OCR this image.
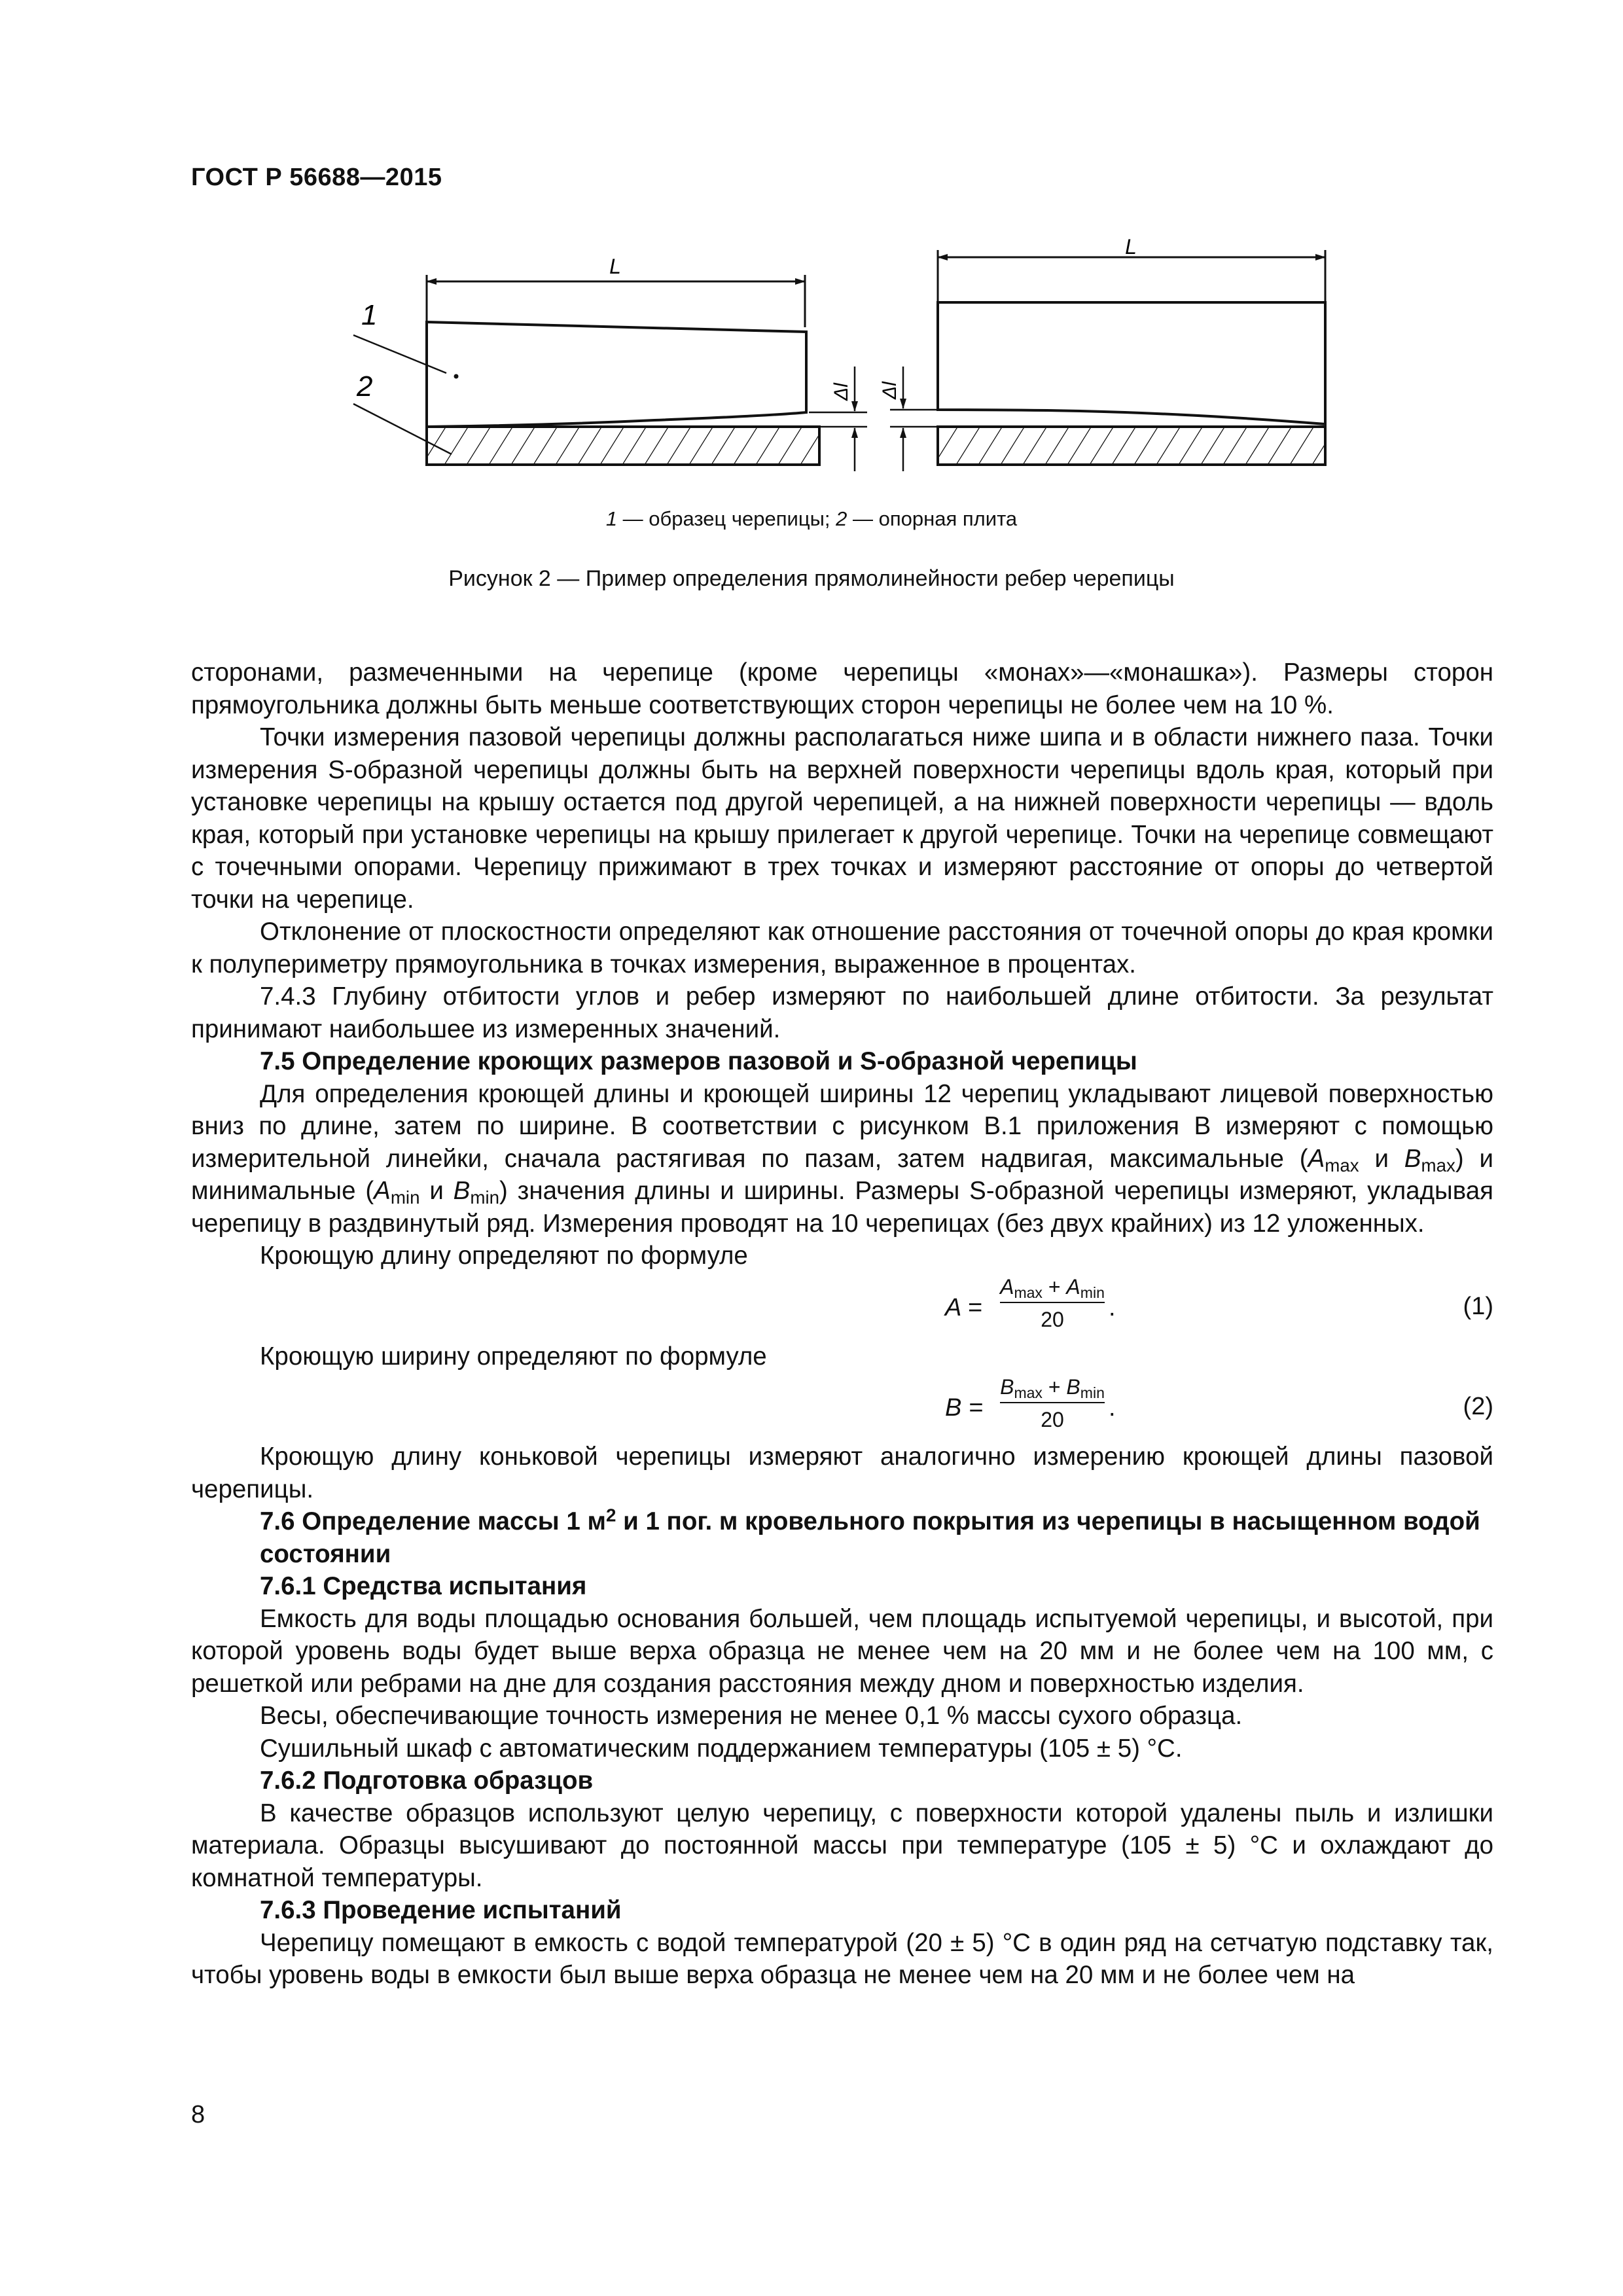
ГОСТ Р 56688—2015
L
1
2	Δl
L
Δl
1 — образец черепицы; 2 — опорная плита
Рисунок 2 — Пример определения прямолинейности ребер черепицы

сторонами, размеченными на черепице (кроме черепицы «монах»—«монашка»). Размеры сторон прямоугольника должны быть меньше соответствующих сторон черепицы не более чем на 10 %.

Точки измерения пазовой черепицы должны располагаться ниже шипа и в области нижнего паза. Точки измерения S-образной черепицы должны быть на верхней поверхности черепицы вдоль края, который при установке черепицы на крышу остается под другой черепицей, а на нижней поверхности черепицы — вдоль края, который при установке черепицы на крышу прилегает к другой черепице. Точки на черепице совмещают с точечными опорами. Черепицу прижимают в трех точках и измеряют расстояние от опоры до четвертой точки на черепице.

Отклонение от плоскостности определяют как отношение расстояния от точечной опоры до края кромки к полупериметру прямоугольника в точках измерения, выраженное в процентах.

7.4.3 Глубину отбитости углов и ребер измеряют по наибольшей длине отбитости. За результат принимают наибольшее из измеренных значений.

7.5 Определение кроющих размеров пазовой и S-образной черепицы

Для определения кроющей длины и кроющей ширины 12 черепиц укладывают лицевой поверхностью вниз по длине, затем по ширине. В соответствии с рисунком В.1 приложения В измеряют с помощью измерительной линейки, сначала растягивая по пазам, затем надвигая, максимальные ($A_{max}$ и $B_{max}$) и минимальные ($A_{min}$ и $B_{min}$) значения длины и ширины. Размеры S-образной черепицы измеряют, укладывая черепицу в раздвинутый ряд. Измерения проводят на 10 черепицах (без двух крайних) из 12 уложенных.

Кроющую длину определяют по формуле

A =
$A_{max} + A_{min}$
20	.	(1)

Кроющую ширину определяют по формуле

B =
$B_{max} + B_{min}$
20	.	(2)

Кроющую длину коньковой черепицы измеряют аналогично измерению кроющей длины пазовой черепицы.

7.6 Определение массы 1 $м^2$ и 1 пог. м кровельного покрытия из черепицы в насыщенном водой состоянии

7.6.1 Средства испытания

Емкость для воды площадью основания большей, чем площадь испытуемой черепицы, и высотой, при которой уровень воды будет выше верха образца не менее чем на 20 мм и не более чем на 100 мм, с решеткой или ребрами на дне для создания расстояния между дном и поверхностью изделия.

Весы, обеспечивающие точность измерения не менее 0,1 % массы сухого образца.

Сушильный шкаф с автоматическим поддержанием температуры (105 ± 5) °С.

7.6.2 Подготовка образцов

В качестве образцов используют целую черепицу, с поверхности которой удалены пыль и излишки материала. Образцы высушивают до постоянной массы при температуре (105 ± 5) °С и охлаждают до комнатной температуры.

7.6.3 Проведение испытаний

Черепицу помещают в емкость с водой температурой (20 ± 5) °С в один ряд на сетчатую подставку так, чтобы уровень воды в емкости был выше верха образца не менее чем на 20 мм и не более чем на

8
